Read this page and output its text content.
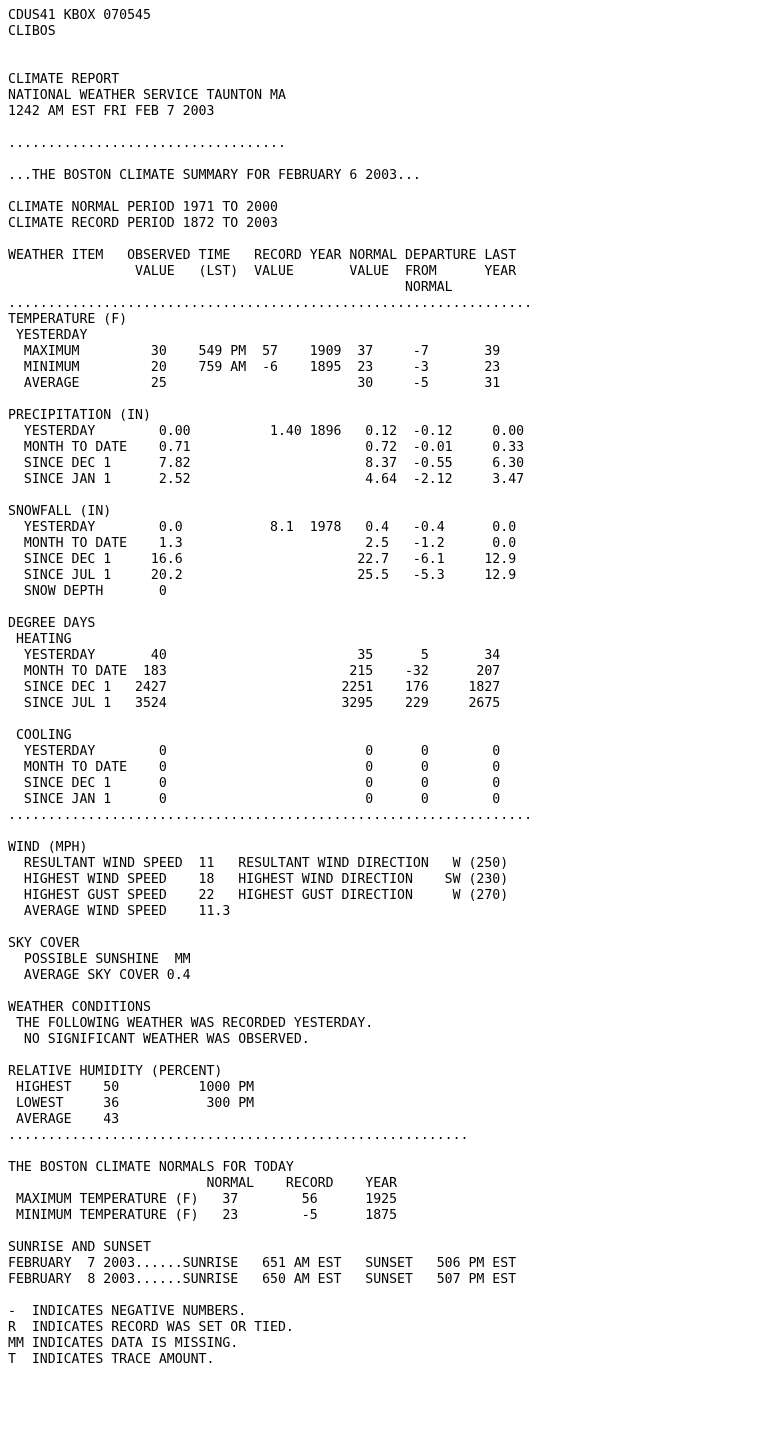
CDUS41 KBOX 070545
CLIBOS
CLIMATE REPORT
NATIONAL WEATHER SERVICE TAUNTON MA
1242 AM EST FRI FEB 7 2003
...................................
...THE BOSTON CLIMATE SUMMARY FOR FEBRUARY 6 2003...
CLIMATE NORMAL PERIOD 1971 TO 2000
CLIMATE RECORD PERIOD 1872 TO 2003
WEATHER ITEM   OBSERVED TIME   RECORD YEAR NORMAL DEPARTURE LAST
VALUE   (LST)  VALUE       VALUE  FROM      YEAR
NORMAL
..................................................................
TEMPERATURE (F)
YESTERDAY
MAXIMUM         30    549 PM  57    1909  37     -7       39
MINIMUM         20    759 AM  -6    1895  23     -3       23
AVERAGE         25                        30     -5       31
PRECIPITATION (IN)
YESTERDAY        0.00          1.40 1896   0.12  -0.12     0.00
MONTH TO DATE    0.71                      0.72  -0.01     0.33
SINCE DEC 1      7.82                      8.37  -0.55     6.30
SINCE JAN 1      2.52                      4.64  -2.12     3.47
SNOWFALL (IN)
YESTERDAY        0.0           8.1  1978   0.4   -0.4      0.0
MONTH TO DATE    1.3                       2.5   -1.2      0.0
SINCE DEC 1     16.6                      22.7   -6.1     12.9
SINCE JUL 1     20.2                      25.5   -5.3     12.9
SNOW DEPTH       0
DEGREE DAYS
HEATING
YESTERDAY       40                        35      5       34
MONTH TO DATE  183                       215    -32      207
SINCE DEC 1   2427                      2251    176     1827
SINCE JUL 1   3524                      3295    229     2675
COOLING
YESTERDAY        0                         0      0        0
MONTH TO DATE    0                         0      0        0
SINCE DEC 1      0                         0      0        0
SINCE JAN 1      0                         0      0        0
..................................................................
WIND (MPH)
RESULTANT WIND SPEED  11   RESULTANT WIND DIRECTION   W (250)
HIGHEST WIND SPEED    18   HIGHEST WIND DIRECTION    SW (230)
HIGHEST GUST SPEED    22   HIGHEST GUST DIRECTION     W (270)
AVERAGE WIND SPEED    11.3
SKY COVER
POSSIBLE SUNSHINE  MM
AVERAGE SKY COVER 0.4
WEATHER CONDITIONS
THE FOLLOWING WEATHER WAS RECORDED YESTERDAY.
NO SIGNIFICANT WEATHER WAS OBSERVED.
RELATIVE HUMIDITY (PERCENT)
HIGHEST    50          1000 PM
LOWEST     36           300 PM
AVERAGE    43
..........................................................
THE BOSTON CLIMATE NORMALS FOR TODAY
NORMAL    RECORD    YEAR
MAXIMUM TEMPERATURE (F)   37        56      1925
MINIMUM TEMPERATURE (F)   23        -5      1875
SUNRISE AND SUNSET
FEBRUARY  7 2003......SUNRISE   651 AM EST   SUNSET   506 PM EST
FEBRUARY  8 2003......SUNRISE   650 AM EST   SUNSET   507 PM EST
-  INDICATES NEGATIVE NUMBERS.
R  INDICATES RECORD WAS SET OR TIED.
MM INDICATES DATA IS MISSING.
T  INDICATES TRACE AMOUNT.
